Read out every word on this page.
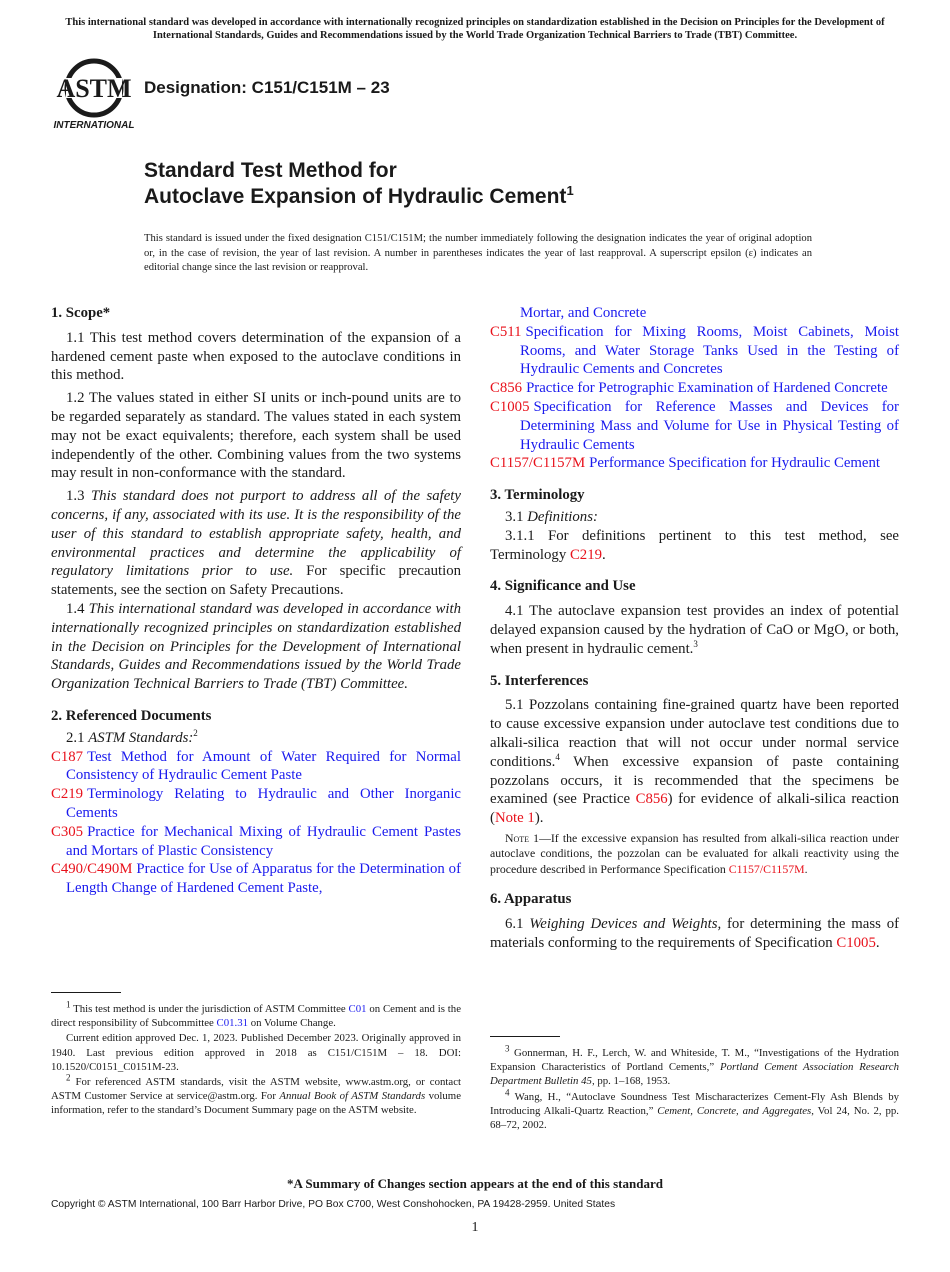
This international standard was developed in accordance with internationally recognized principles on standardization established in the Decision on Principles for the Development of International Standards, Guides and Recommendations issued by the World Trade Organization Technical Barriers to Trade (TBT) Committee.
ASTM
INTERNATIONAL
Designation: C151/C151M – 23
Standard Test Method for
Autoclave Expansion of Hydraulic Cement$^1$
This standard is issued under the fixed designation C151/C151M; the number immediately following the designation indicates the year of original adoption or, in the case of revision, the year of last revision. A number in parentheses indicates the year of last reapproval. A superscript epsilon (ε) indicates an editorial change since the last revision or reapproval.
1. Scope*

1.1 This test method covers determination of the expansion of a hardened cement paste when exposed to the autoclave conditions in this method.

1.2 The values stated in either SI units or inch-pound units are to be regarded separately as standard. The values stated in each system may not be exact equivalents; therefore, each system shall be used independently of the other. Combining values from the two systems may result in non-conformance with the standard.

1.3 This standard does not purport to address all of the safety concerns, if any, associated with its use. It is the responsibility of the user of this standard to establish appropriate safety, health, and environmental practices and determine the applicability of regulatory limitations prior to use. For specific precaution statements, see the section on Safety Precautions.

1.4 This international standard was developed in accordance with internationally recognized principles on standardization established in the Decision on Principles for the Development of International Standards, Guides and Recommendations issued by the World Trade Organization Technical Barriers to Trade (TBT) Committee.

2. Referenced Documents

2.1 ASTM Standards:$^2$

C187 Test Method for Amount of Water Required for Normal Consistency of Hydraulic Cement Paste
C219 Terminology Relating to Hydraulic and Other Inorganic Cements
C305 Practice for Mechanical Mixing of Hydraulic Cement Pastes and Mortars of Plastic Consistency
C490/C490M Practice for Use of Apparatus for the Determination of Length Change of Hardened Cement Paste,
Mortar, and Concrete
C511 Specification for Mixing Rooms, Moist Cabinets, Moist Rooms, and Water Storage Tanks Used in the Testing of Hydraulic Cements and Concretes
C856 Practice for Petrographic Examination of Hardened Concrete
C1005 Specification for Reference Masses and Devices for Determining Mass and Volume for Use in Physical Testing of Hydraulic Cements
C1157/C1157M Performance Specification for Hydraulic Cement
3. Terminology

3.1 Definitions:

3.1.1 For definitions pertinent to this test method, see Terminology C219.

4. Significance and Use

4.1 The autoclave expansion test provides an index of potential delayed expansion caused by the hydration of CaO or MgO, or both, when present in hydraulic cement.$^3$

5. Interferences

5.1 Pozzolans containing fine-grained quartz have been reported to cause excessive expansion under autoclave test conditions due to alkali-silica reaction that will not occur under normal service conditions.$^4$ When excessive expansion of paste containing pozzolans occurs, it is recommended that the specimens be examined (see Practice C856) for evidence of alkali-silica reaction (Note 1).

Note 1—If the excessive expansion has resulted from alkali-silica reaction under autoclave conditions, the pozzolan can be evaluated for alkali reactivity using the procedure described in Performance Specification C1157/C1157M.

6. Apparatus

6.1 Weighing Devices and Weights, for determining the mass of materials conforming to the requirements of Specification C1005.

$^1$ This test method is under the jurisdiction of ASTM Committee C01 on Cement and is the direct responsibility of Subcommittee C01.31 on Volume Change.

Current edition approved Dec. 1, 2023. Published December 2023. Originally approved in 1940. Last previous edition approved in 2018 as C151/C151M – 18. DOI: 10.1520/C0151_C0151M-23.

$^2$ For referenced ASTM standards, visit the ASTM website, www.astm.org, or contact ASTM Customer Service at service@astm.org. For Annual Book of ASTM Standards volume information, refer to the standard’s Document Summary page on the ASTM website.

$^3$ Gonnerman, H. F., Lerch, W. and Whiteside, T. M., “Investigations of the Hydration Expansion Characteristics of Portland Cements,” Portland Cement Association Research Department Bulletin 45, pp. 1–168, 1953.

$^4$ Wang, H., “Autoclave Soundness Test Mischaracterizes Cement-Fly Ash Blends by Introducing Alkali-Quartz Reaction,” Cement, Concrete, and Aggregates, Vol 24, No. 2, pp. 68–72, 2002.

*A Summary of Changes section appears at the end of this standard
Copyright © ASTM International, 100 Barr Harbor Drive, PO Box C700, West Conshohocken, PA 19428-2959. United States
1
